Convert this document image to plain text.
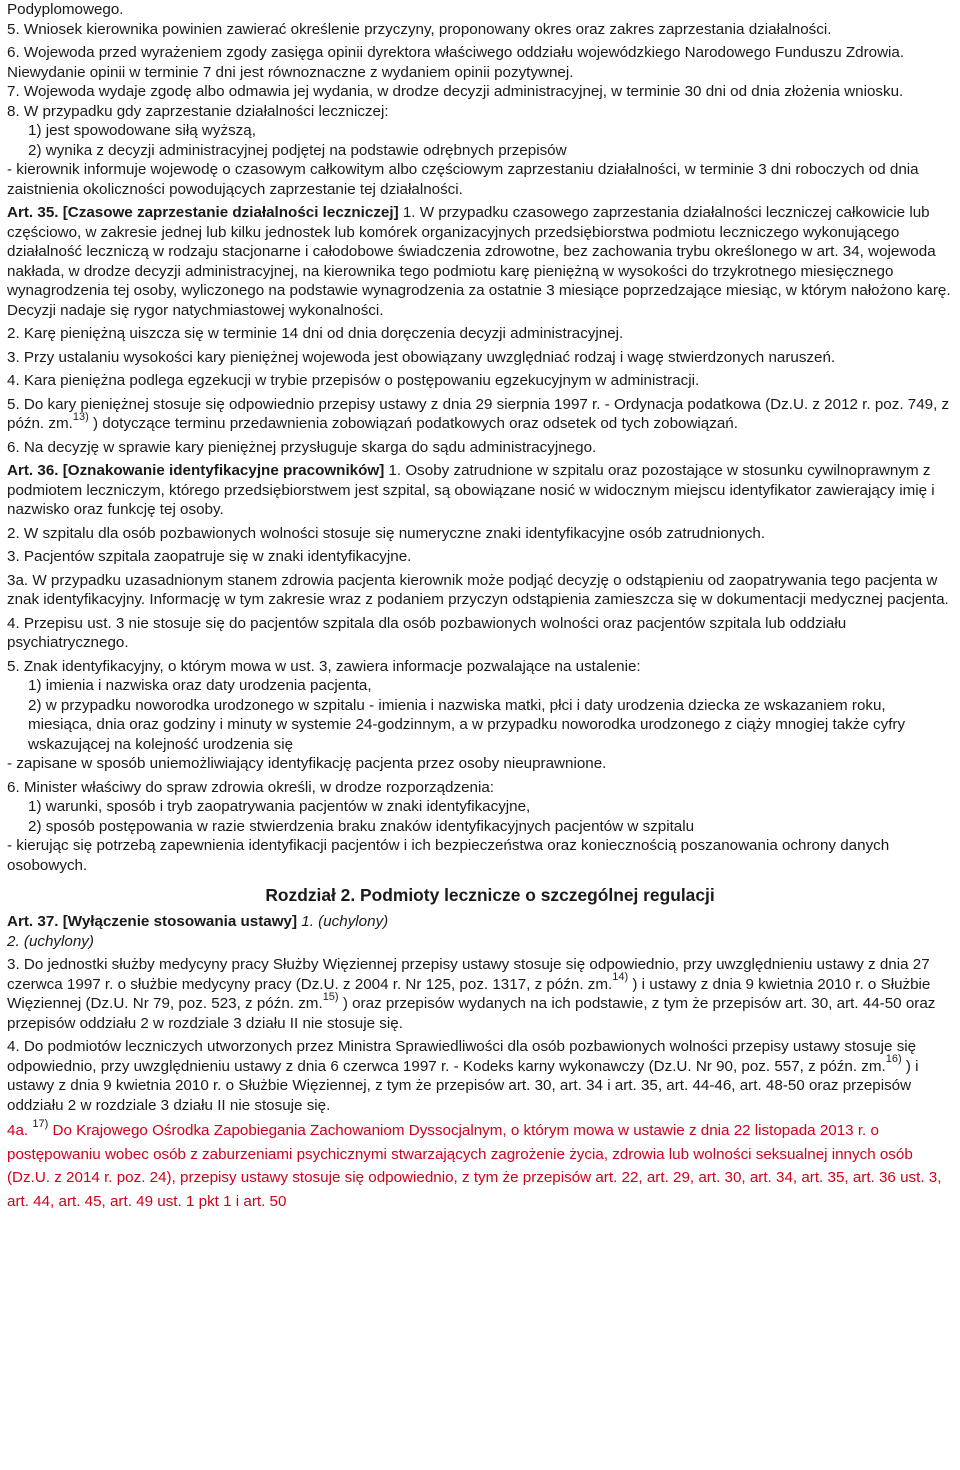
Podyplomowego.

5. Wniosek kierownika powinien zawierać określenie przyczyny, proponowany okres oraz zakres zaprzestania działalności.

6. Wojewoda przed wyrażeniem zgody zasięga opinii dyrektora właściwego oddziału wojewódzkiego Narodowego Funduszu Zdrowia. Niewydanie opinii w terminie 7 dni jest równoznaczne z wydaniem opinii pozytywnej.

7. Wojewoda wydaje zgodę albo odmawia jej wydania, w drodze decyzji administracyjnej, w terminie 30 dni od dnia złożenia wniosku.

8. W przypadku gdy zaprzestanie działalności leczniczej:

1) jest spowodowane siłą wyższą,

2) wynika z decyzji administracyjnej podjętej na podstawie odrębnych przepisów

- kierownik informuje wojewodę o czasowym całkowitym albo częściowym zaprzestaniu działalności, w terminie 3 dni roboczych od dnia zaistnienia okoliczności powodujących zaprzestanie tej działalności.

Art. 35. [Czasowe zaprzestanie działalności leczniczej] 1. W przypadku czasowego zaprzestania działalności leczniczej całkowicie lub częściowo, w zakresie jednej lub kilku jednostek lub komórek organizacyjnych przedsiębiorstwa podmiotu leczniczego wykonującego działalność leczniczą w rodzaju stacjonarne i całodobowe świadczenia zdrowotne, bez zachowania trybu określonego w art. 34, wojewoda nakłada, w drodze decyzji administracyjnej, na kierownika tego podmiotu karę pieniężną w wysokości do trzykrotnego miesięcznego wynagrodzenia tej osoby, wyliczonego na podstawie wynagrodzenia za ostatnie 3 miesiące poprzedzające miesiąc, w którym nałożono karę. Decyzji nadaje się rygor natychmiastowej wykonalności.

2. Karę pieniężną uiszcza się w terminie 14 dni od dnia doręczenia decyzji administracyjnej.

3. Przy ustalaniu wysokości kary pieniężnej wojewoda jest obowiązany uwzględniać rodzaj i wagę stwierdzonych naruszeń.

4. Kara pieniężna podlega egzekucji w trybie przepisów o postępowaniu egzekucyjnym w administracji.

5. Do kary pieniężnej stosuje się odpowiednio przepisy ustawy z dnia 29 sierpnia 1997 r. - Ordynacja podatkowa (Dz.U. z 2012 r. poz. 749, z późn. zm.$^{13)}$ ) dotyczące terminu przedawnienia zobowiązań podatkowych oraz odsetek od tych zobowiązań.

6. Na decyzję w sprawie kary pieniężnej przysługuje skarga do sądu administracyjnego.

Art. 36. [Oznakowanie identyfikacyjne pracowników] 1. Osoby zatrudnione w szpitalu oraz pozostające w stosunku cywilnoprawnym z podmiotem leczniczym, którego przedsiębiorstwem jest szpital, są obowiązane nosić w widocznym miejscu identyfikator zawierający imię i nazwisko oraz funkcję tej osoby.

2. W szpitalu dla osób pozbawionych wolności stosuje się numeryczne znaki identyfikacyjne osób zatrudnionych.

3. Pacjentów szpitala zaopatruje się w znaki identyfikacyjne.

3a. W przypadku uzasadnionym stanem zdrowia pacjenta kierownik może podjąć decyzję o odstąpieniu od zaopatrywania tego pacjenta w znak identyfikacyjny. Informację w tym zakresie wraz z podaniem przyczyn odstąpienia zamieszcza się w dokumentacji medycznej pacjenta.

4. Przepisu ust. 3 nie stosuje się do pacjentów szpitala dla osób pozbawionych wolności oraz pacjentów szpitala lub oddziału psychiatrycznego.

5. Znak identyfikacyjny, o którym mowa w ust. 3, zawiera informacje pozwalające na ustalenie:

1) imienia i nazwiska oraz daty urodzenia pacjenta,

2) w przypadku noworodka urodzonego w szpitalu - imienia i nazwiska matki, płci i daty urodzenia dziecka ze wskazaniem roku, miesiąca, dnia oraz godziny i minuty w systemie 24-godzinnym, a w przypadku noworodka urodzonego z ciąży mnogiej także cyfry wskazującej na kolejność urodzenia się

- zapisane w sposób uniemożliwiający identyfikację pacjenta przez osoby nieuprawnione.

6. Minister właściwy do spraw zdrowia określi, w drodze rozporządzenia:

1) warunki, sposób i tryb zaopatrywania pacjentów w znaki identyfikacyjne,

2) sposób postępowania w razie stwierdzenia braku znaków identyfikacyjnych pacjentów w szpitalu

- kierując się potrzebą zapewnienia identyfikacji pacjentów i ich bezpieczeństwa oraz koniecznością poszanowania ochrony danych osobowych.

Rozdział 2. Podmioty lecznicze o szczególnej regulacji

Art. 37. [Wyłączenie stosowania ustawy] 1. (uchylony)

2. (uchylony)

3. Do jednostki służby medycyny pracy Służby Więziennej przepisy ustawy stosuje się odpowiednio, przy uwzględnieniu ustawy z dnia 27 czerwca 1997 r. o służbie medycyny pracy (Dz.U. z 2004 r. Nr 125, poz. 1317, z późn. zm.$^{14)}$ ) i ustawy z dnia 9 kwietnia 2010 r. o Służbie Więziennej (Dz.U. Nr 79, poz. 523, z późn. zm.$^{15)}$ ) oraz przepisów wydanych na ich podstawie, z tym że przepisów art. 30, art. 44-50 oraz przepisów oddziału 2 w rozdziale 3 działu II nie stosuje się.

4. Do podmiotów leczniczych utworzonych przez Ministra Sprawiedliwości dla osób pozbawionych wolności przepisy ustawy stosuje się odpowiednio, przy uwzględnieniu ustawy z dnia 6 czerwca 1997 r. - Kodeks karny wykonawczy (Dz.U. Nr 90, poz. 557, z późn. zm.$^{16)}$ ) i ustawy z dnia 9 kwietnia 2010 r. o Służbie Więziennej, z tym że przepisów art. 30, art. 34 i art. 35, art. 44-46, art. 48-50 oraz przepisów oddziału 2 w rozdziale 3 działu II nie stosuje się.

4a. $^{17)}$ Do Krajowego Ośrodka Zapobiegania Zachowaniom Dyssocjalnym, o którym mowa w ustawie z dnia 22 listopada 2013 r. o postępowaniu wobec osób z zaburzeniami psychicznymi stwarzających zagrożenie życia, zdrowia lub wolności seksualnej innych osób (Dz.U. z 2014 r. poz. 24), przepisy ustawy stosuje się odpowiednio, z tym że przepisów art. 22, art. 29, art. 30, art. 34, art. 35, art. 36 ust. 3, art. 44, art. 45, art. 49 ust. 1 pkt 1 i art. 50
